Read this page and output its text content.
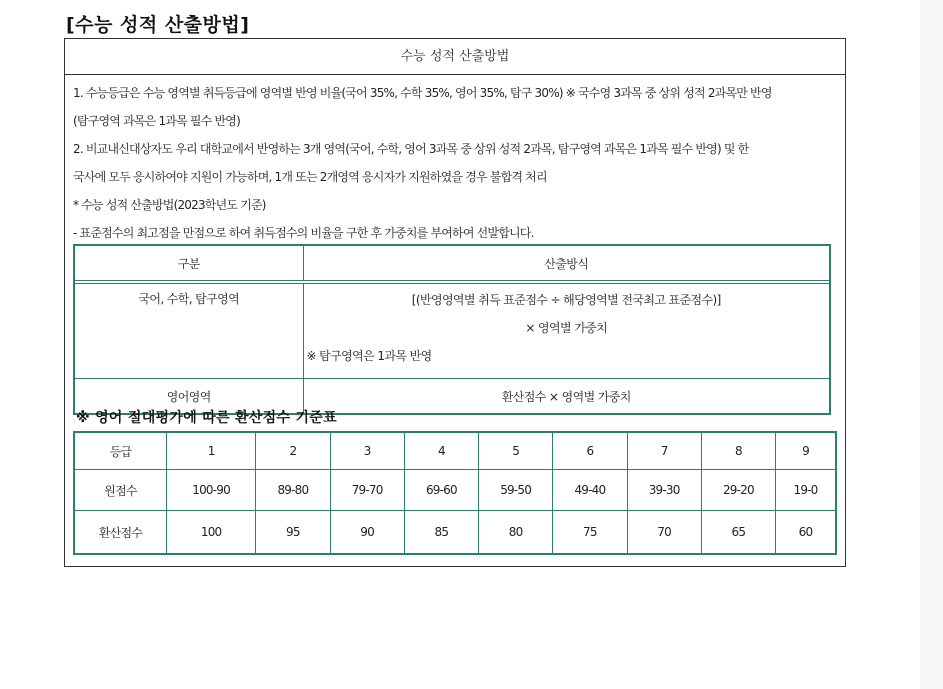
[수능 성적 산출방법]
수능 성적 산출방법

1. 수능등급은 수능 영역별 취득등급에 영역별 반영 비율(국어 35%, 수학 35%, 영어 35%, 탐구 30%) ※ 국수영 3과목 중 상위 성적 2과목만 반영

(탐구영역 과목은 1과목 필수 반영)

2. 비교내신대상자도 우리 대학교에서 반영하는 3개 영역(국어, 수학, 영어 3과목 중 상위 성적 2과목, 탐구영역 과목은 1과목 필수 반영) 및 한

국사에 모두 응시하여야 지원이 가능하며, 1개 또는 2개영역 응시자가 지원하였을 경우 불합격 처리

* 수능 성적 산출방법(2023학년도 기준)

- 표준점수의 최고점을 만점으로 하여 취득점수의 비율을 구한 후 가중치를 부여하여 선발합니다.

구분	산출방식

국어, 수학, 탐구영역	[(반영영역별 취득 표준점수 ÷ 해당영역별 전국최고 표준점수)]
× 영역별 가중치
※ 탐구영역은 1과목 반영

영어영역	환산점수 × 영역별 가중치
※ 영어 절대평가에 따른 환산점수 기준표
등급	1	2	3	4	5	6	7	8	9
원점수	100-90	89-80	79-70	69-60	59-50	49-40	39-30	29-20	19-0
환산점수	100	95	90	85	80	75	70	65	60
